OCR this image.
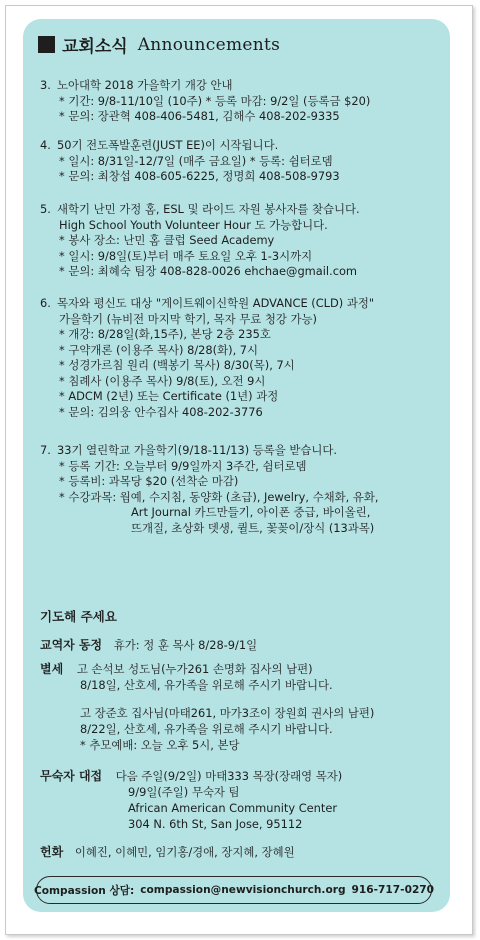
교회소식 Announcements
3. 노아대학 2018 가을학기 개강 안내
* 기간: 9/8-11/10일 (10주) * 등록 마감: 9/2일 (등록금 $20)
* 문의: 장관혁 408-406-5481, 김해수 408-202-9335
4. 50기 전도폭발훈련(JUST EE)이 시작됩니다.
* 일시: 8/31일-12/7일 (매주 금요일) * 등록: 쉼터로뎀
* 문의: 최창섭 408-605-6225, 정명희 408-508-9793
5. 새학기 난민 가정 홈, ESL 및 라이드 자원 봉사자를 찾습니다.
High School Youth Volunteer Hour 도 가능합니다.
* 봉사 장소: 난민 홈 클럽 Seed Academy
* 일시: 9/8일(토)부터 매주 토요일 오후 1-3시까지
* 문의: 최혜숙 팀장 408-828-0026 ehchae@gmail.com
6. 목자와 평신도 대상 "게이트웨이신학원 ADVANCE (CLD) 과정"
가을학기 (뉴비전 마지막 학기, 목자 무료 청강 가능)
* 개강: 8/28일(화,15주), 본당 2층 235호
* 구약개론 (이용주 목사) 8/28(화), 7시
* 성경가르침 원리 (백봉기 목사) 8/30(목), 7시
* 침례사 (이용주 목사) 9/8(토), 오전 9시
* ADCM (2년) 또는 Certificate (1년) 과정
* 문의: 김의웅 안수집사 408-202-3776
7. 33기 열린학교 가을학기(9/18-11/13) 등록을 받습니다.
* 등록 기간: 오늘부터 9/9일까지 3주간, 쉼터로뎀
* 등록비: 과목당 $20 (선착순 마감)
* 수강과목: 웜예, 수지침, 동양화 (초급), Jewelry, 수채화, 유화,
Art Journal 카드만들기, 아이폰 중급, 바이올린,
뜨개질, 초상화 뎃생, 퀼트, 꽃꽂이/장식 (13과목)
기도해 주세요
교역자 동정 휴가: 정 훈 목사 8/28-9/1일
별세 고 손석보 성도님(누가261 손명화 집사의 남편)
8/18일, 산호세, 유가족을 위로해 주시기 바랍니다.
고 장준호 집사님(마태261, 마가3조이 장원희 권사의 남편)
8/22일, 산호세, 유가족을 위로해 주시기 바랍니다.
* 추모예배: 오늘 오후 5시, 본당
무숙자 대접 다음 주일(9/2일) 마태333 목장(장래영 목자)
9/9일(주일) 무숙자 팀
African American Community Center
304 N. 6th St, San Jose, 95112
헌화 이혜진, 이혜민, 임기홍/경애, 장지혜, 장혜원
Compassion 상담: compassion@newvisionchurch.org 916-717-0270
